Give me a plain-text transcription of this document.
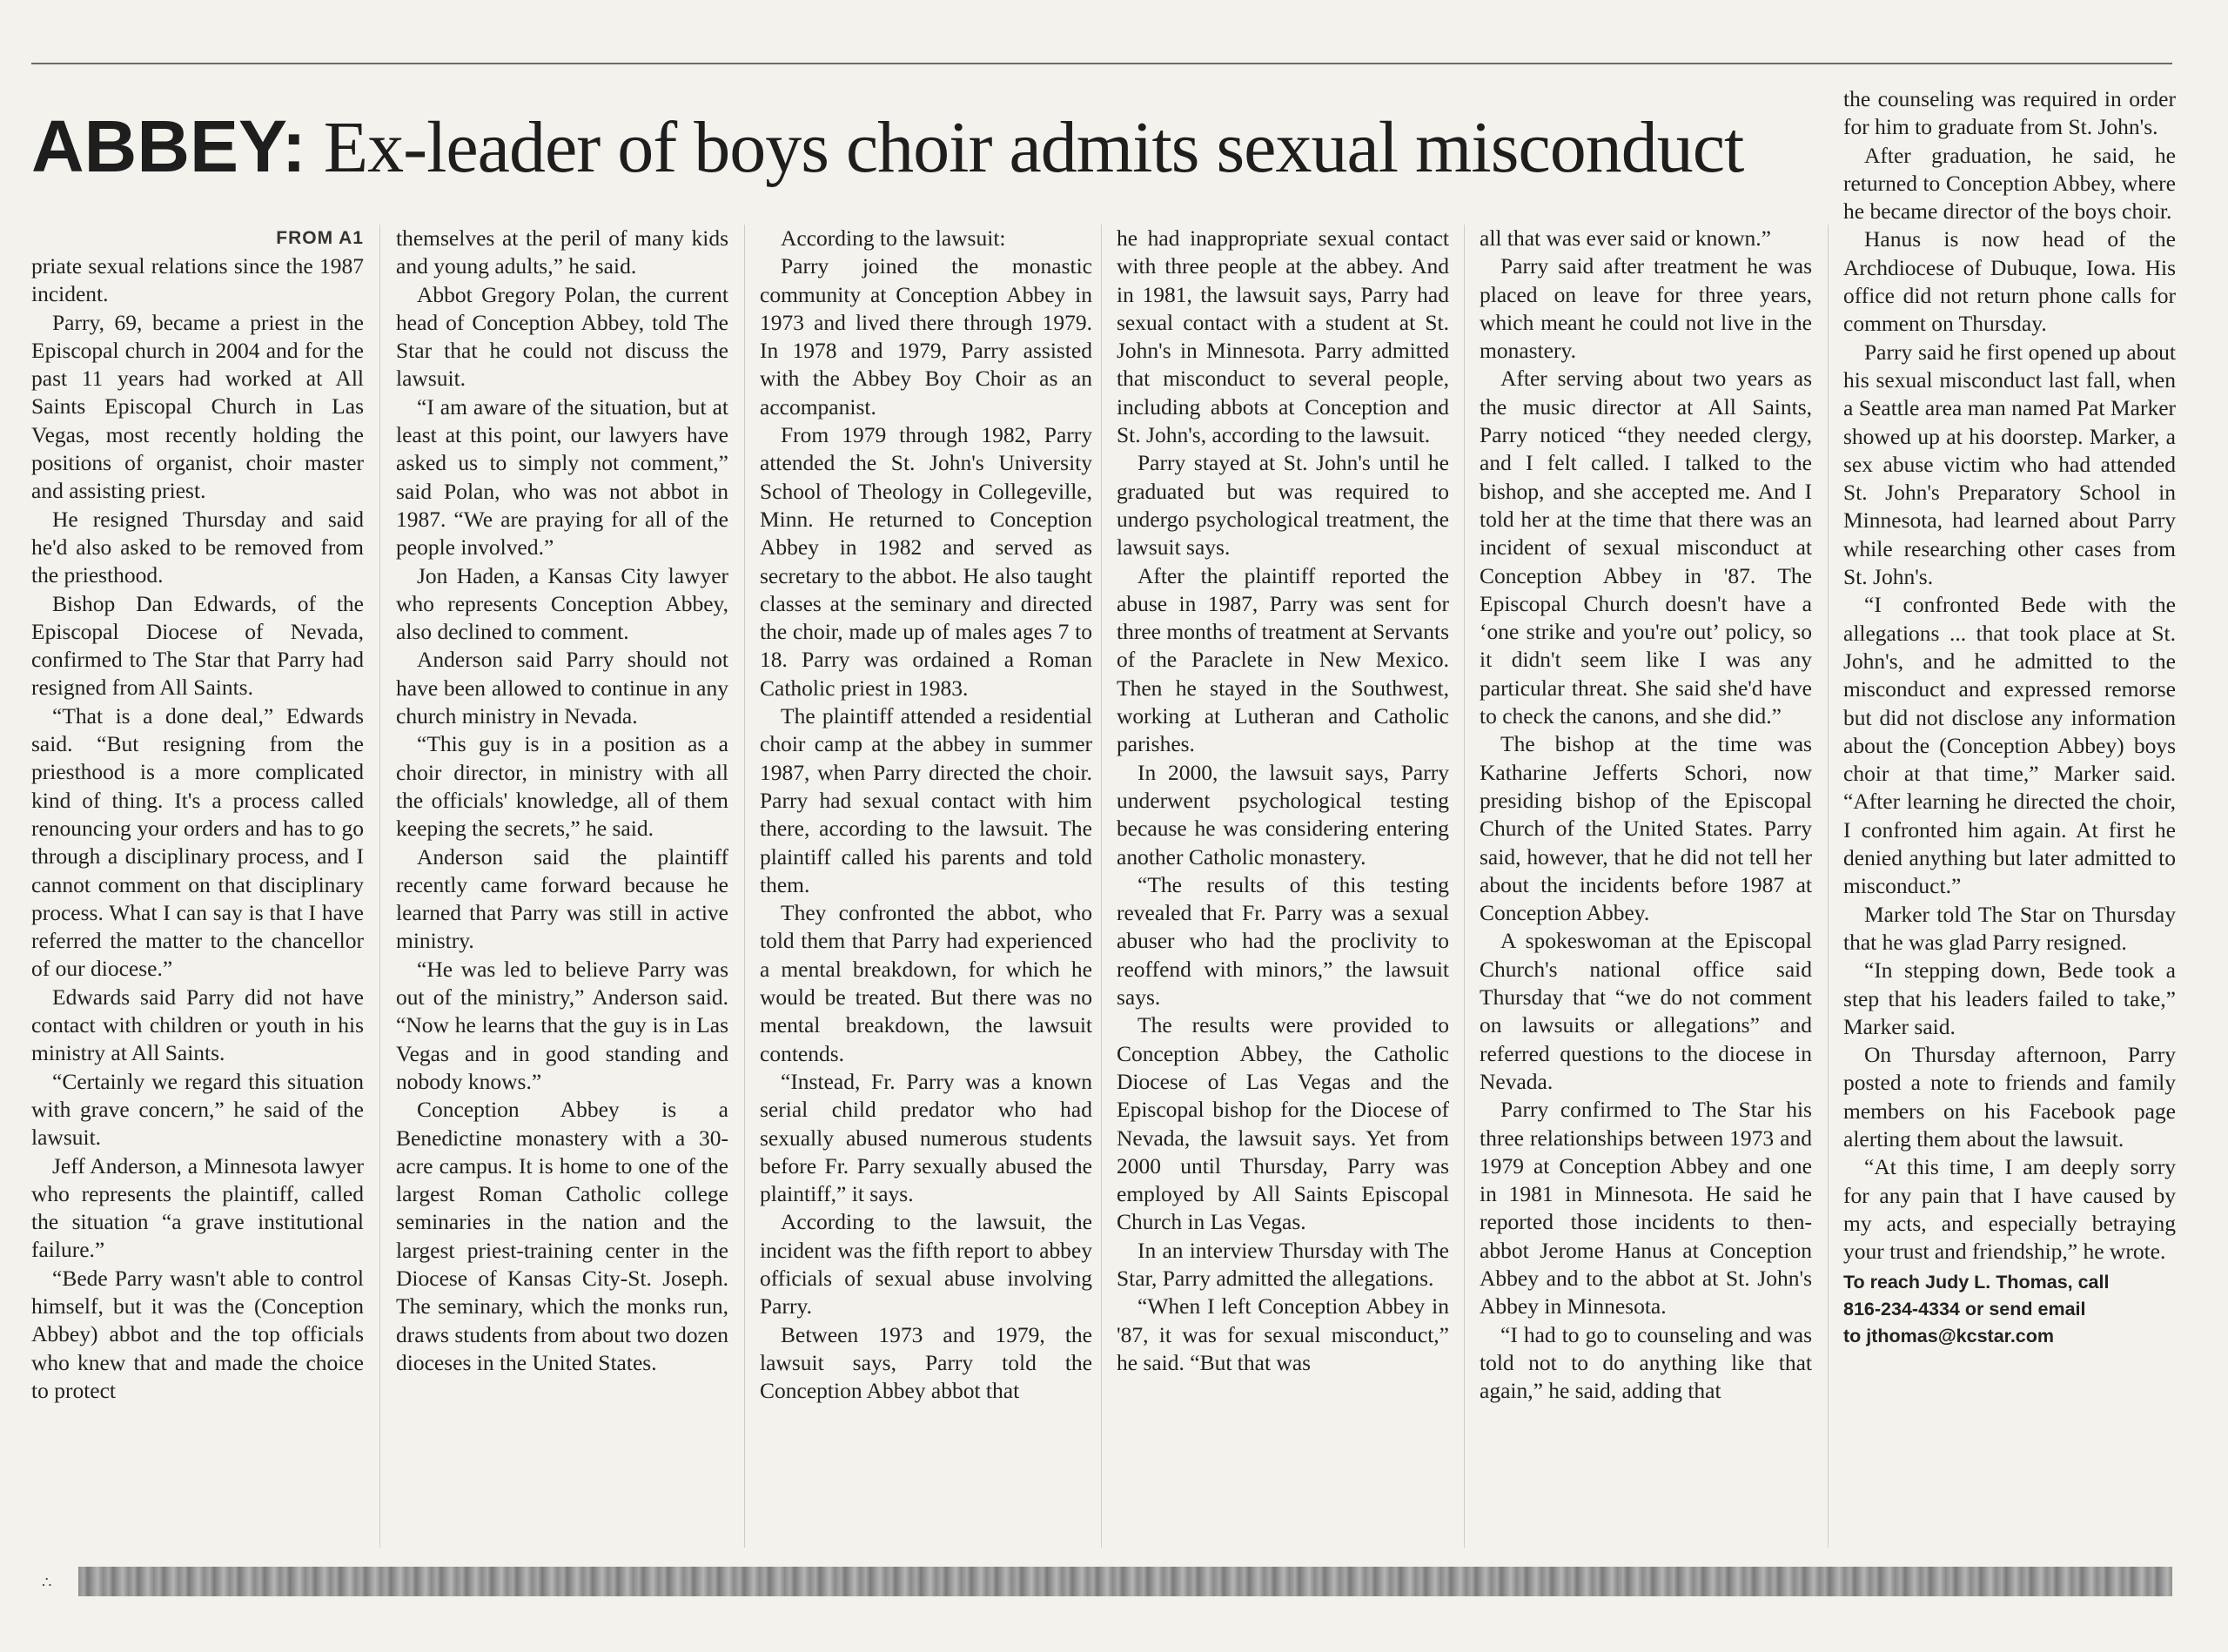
ABBEY: Ex-leader of boys choir admits sexual misconduct
FROM A1

priate sexual relations since the 1987 incident.

Parry, 69, became a priest in the Episcopal church in 2004 and for the past 11 years had worked at All Saints Episcopal Church in Las Vegas, most recently holding the positions of organist, choir master and assisting priest.

He resigned Thursday and said he'd also asked to be removed from the priesthood.

Bishop Dan Edwards, of the Episcopal Diocese of Nevada, confirmed to The Star that Parry had resigned from All Saints.

“That is a done deal,” Edwards said. “But resigning from the priesthood is a more complicated kind of thing. It's a process called renouncing your orders and has to go through a disciplinary process, and I cannot comment on that disciplinary process. What I can say is that I have referred the matter to the chancellor of our diocese.”

Edwards said Parry did not have contact with children or youth in his ministry at All Saints.

“Certainly we regard this situation with grave concern,” he said of the lawsuit.

Jeff Anderson, a Minnesota lawyer who represents the plaintiff, called the situation “a grave institutional failure.”

“Bede Parry wasn't able to control himself, but it was the (Conception Abbey) abbot and the top officials who knew that and made the choice to protect

themselves at the peril of many kids and young adults,” he said.

Abbot Gregory Polan, the current head of Conception Abbey, told The Star that he could not discuss the lawsuit.

“I am aware of the situation, but at least at this point, our lawyers have asked us to simply not comment,” said Polan, who was not abbot in 1987. “We are praying for all of the people involved.”

Jon Haden, a Kansas City lawyer who represents Conception Abbey, also declined to comment.

Anderson said Parry should not have been allowed to continue in any church ministry in Nevada.

“This guy is in a position as a choir director, in ministry with all the officials' knowledge, all of them keeping the secrets,” he said.

Anderson said the plaintiff recently came forward because he learned that Parry was still in active ministry.

“He was led to believe Parry was out of the ministry,” Anderson said. “Now he learns that the guy is in Las Vegas and in good standing and nobody knows.”

Conception Abbey is a Benedictine monastery with a 30-acre campus. It is home to one of the largest Roman Catholic college seminaries in the nation and the largest priest-training center in the Diocese of Kansas City-St. Joseph. The seminary, which the monks run, draws students from about two dozen dioceses in the United States.

According to the lawsuit:

Parry joined the monastic community at Conception Abbey in 1973 and lived there through 1979. In 1978 and 1979, Parry assisted with the Abbey Boy Choir as an accompanist.

From 1979 through 1982, Parry attended the St. John's University School of Theology in Collegeville, Minn. He returned to Conception Abbey in 1982 and served as secretary to the abbot. He also taught classes at the seminary and directed the choir, made up of males ages 7 to 18. Parry was ordained a Roman Catholic priest in 1983.

The plaintiff attended a residential choir camp at the abbey in summer 1987, when Parry directed the choir. Parry had sexual contact with him there, according to the lawsuit. The plaintiff called his parents and told them.

They confronted the abbot, who told them that Parry had experienced a mental breakdown, for which he would be treated. But there was no mental breakdown, the lawsuit contends.

“Instead, Fr. Parry was a known serial child predator who had sexually abused numerous students before Fr. Parry sexually abused the plaintiff,” it says.

According to the lawsuit, the incident was the fifth report to abbey officials of sexual abuse involving Parry.

Between 1973 and 1979, the lawsuit says, Parry told the Conception Abbey abbot that

he had inappropriate sexual contact with three people at the abbey. And in 1981, the lawsuit says, Parry had sexual contact with a student at St. John's in Minnesota. Parry admitted that misconduct to several people, including abbots at Conception and St. John's, according to the lawsuit.

Parry stayed at St. John's until he graduated but was required to undergo psychological treatment, the lawsuit says.

After the plaintiff reported the abuse in 1987, Parry was sent for three months of treatment at Servants of the Paraclete in New Mexico. Then he stayed in the Southwest, working at Lutheran and Catholic parishes.

In 2000, the lawsuit says, Parry underwent psychological testing because he was considering entering another Catholic monastery.

“The results of this testing revealed that Fr. Parry was a sexual abuser who had the proclivity to reoffend with minors,” the lawsuit says.

The results were provided to Conception Abbey, the Catholic Diocese of Las Vegas and the Episcopal bishop for the Diocese of Nevada, the lawsuit says. Yet from 2000 until Thursday, Parry was employed by All Saints Episcopal Church in Las Vegas.

In an interview Thursday with The Star, Parry admitted the allegations.

“When I left Conception Abbey in '87, it was for sexual misconduct,” he said. “But that was

all that was ever said or known.”

Parry said after treatment he was placed on leave for three years, which meant he could not live in the monastery.

After serving about two years as the music director at All Saints, Parry noticed “they needed clergy, and I felt called. I talked to the bishop, and she accepted me. And I told her at the time that there was an incident of sexual misconduct at Conception Abbey in '87. The Episcopal Church doesn't have a ‘one strike and you're out’ policy, so it didn't seem like I was any particular threat. She said she'd have to check the canons, and she did.”

The bishop at the time was Katharine Jefferts Schori, now presiding bishop of the Episcopal Church of the United States. Parry said, however, that he did not tell her about the incidents before 1987 at Conception Abbey.

A spokeswoman at the Episcopal Church's national office said Thursday that “we do not comment on lawsuits or allegations” and referred questions to the diocese in Nevada.

Parry confirmed to The Star his three relationships between 1973 and 1979 at Conception Abbey and one in 1981 in Minnesota. He said he reported those incidents to then-abbot Jerome Hanus at Conception Abbey and to the abbot at St. John's Abbey in Minnesota.

“I had to go to counseling and was told not to do anything like that again,” he said, adding that

the counseling was required in order for him to graduate from St. John's.

After graduation, he said, he returned to Conception Abbey, where he became director of the boys choir.

Hanus is now head of the Archdiocese of Dubuque, Iowa. His office did not return phone calls for comment on Thursday.

Parry said he first opened up about his sexual misconduct last fall, when a Seattle area man named Pat Marker showed up at his doorstep. Marker, a sex abuse victim who had attended St. John's Preparatory School in Minnesota, had learned about Parry while researching other cases from St. John's.

“I confronted Bede with the allegations ... that took place at St. John's, and he admitted to the misconduct and expressed remorse but did not disclose any information about the (Conception Abbey) boys choir at that time,” Marker said. “After learning he directed the choir, I confronted him again. At first he denied anything but later admitted to misconduct.”

Marker told The Star on Thursday that he was glad Parry resigned.

“In stepping down, Bede took a step that his leaders failed to take,” Marker said.

On Thursday afternoon, Parry posted a note to friends and family members on his Facebook page alerting them about the lawsuit.

“At this time, I am deeply sorry for any pain that I have caused by my acts, and especially betraying your trust and friendship,” he wrote.

To reach Judy L. Thomas, call
816-234-4334 or send email
to jthomas@kcstar.com
∴
